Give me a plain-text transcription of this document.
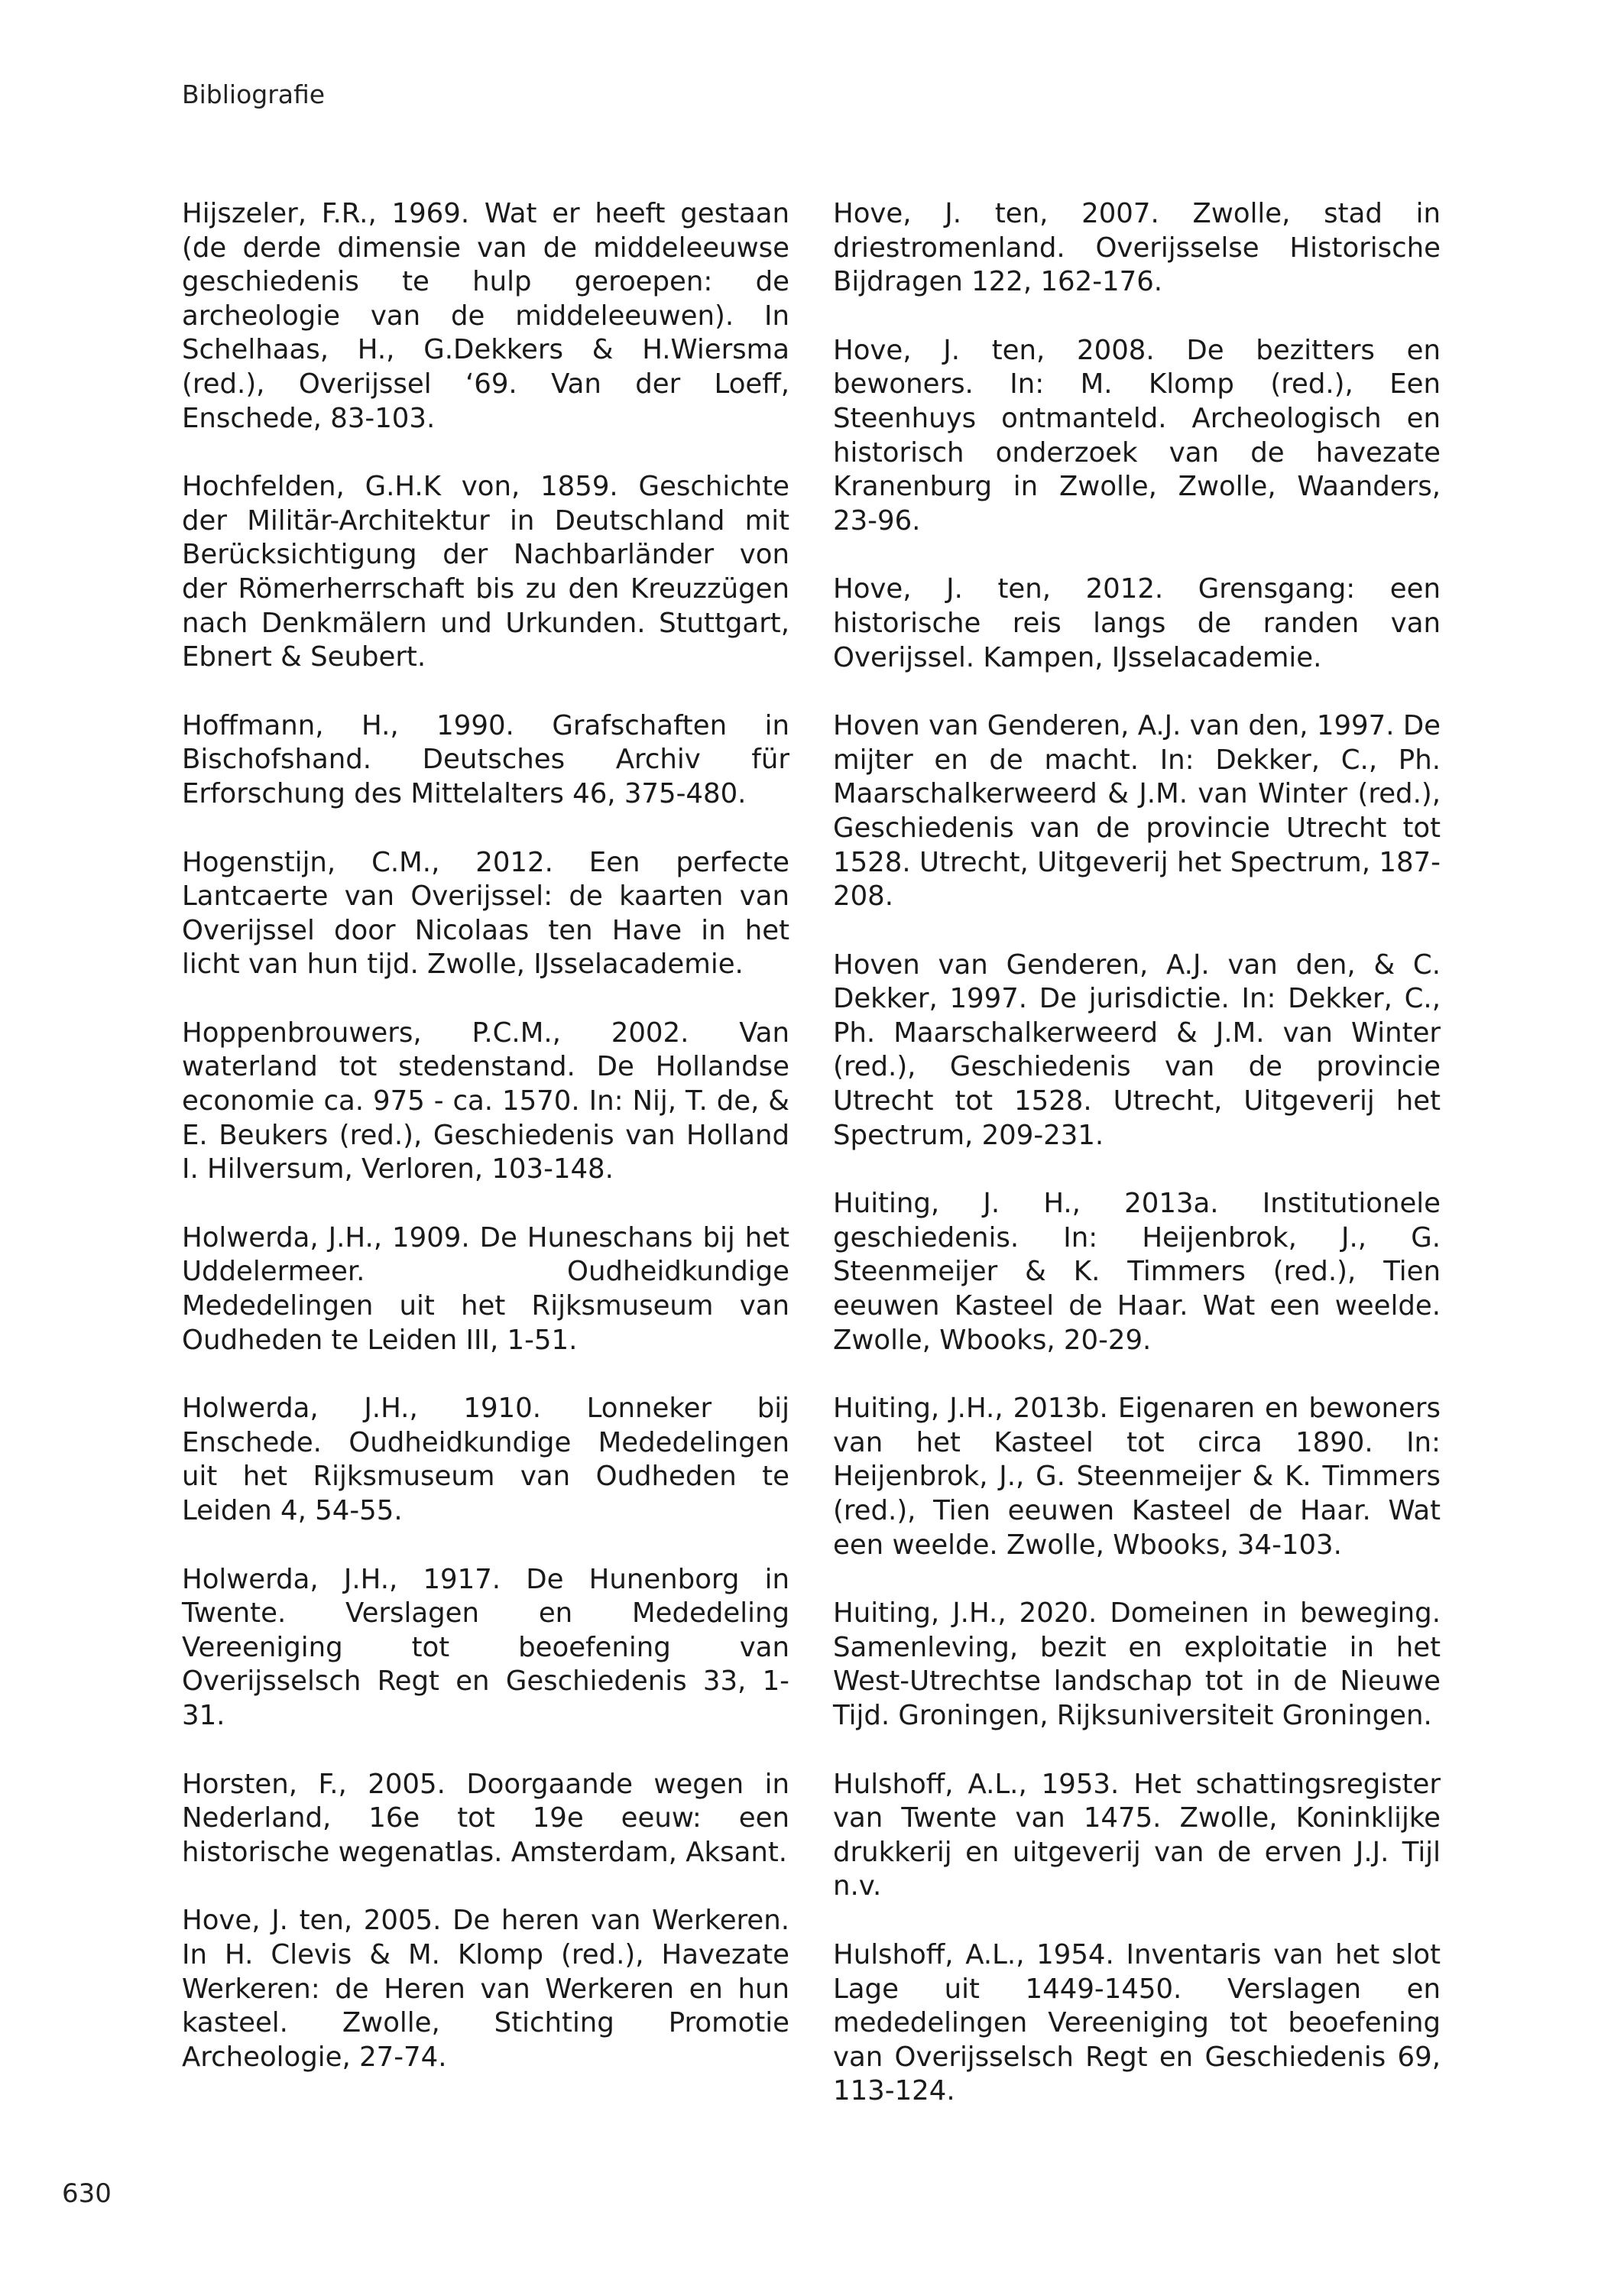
Bibliografie

Hijszeler, F.R., 1969. Wat er heeft gestaan (de derde dimensie van de middeleeuwse geschiedenis te hulp geroepen: de archeologie van de middeleeuwen). In Schelhaas, H., G.Dekkers & H.Wiersma (red.), Overijssel ‘69. Van der Loeff, Enschede, 83-103.

Hochfelden, G.H.K von, 1859. Geschichte der Militär-Architektur in Deutschland mit Berücksichtigung der Nachbarländer von der Römerherrschaft bis zu den Kreuzzügen nach Denkmälern und Urkunden. Stuttgart, Ebnert & Seubert.

Hoffmann, H., 1990. Grafschaften in Bischofshand. Deutsches Archiv für Erforschung des Mittelalters 46, 375-480.

Hogenstijn, C.M., 2012. Een perfecte Lantcaerte van Overijssel: de kaarten van Overijssel door Nicolaas ten Have in het licht van hun tijd. Zwolle, IJsselacademie.

Hoppenbrouwers, P.C.M., 2002. Van waterland tot stedenstand. De Hollandse economie ca. 975 - ca. 1570. In: Nij, T. de, & E. Beukers (red.), Geschiedenis van Holland I. Hilversum, Verloren, 103-148.

Holwerda, J.H., 1909. De Huneschans bij het Uddelermeer. Oudheidkundige Mededelingen uit het Rijksmuseum van Oudheden te Leiden III, 1-51.

Holwerda, J.H., 1910. Lonneker bij Enschede. Oudheidkundige Mededelingen uit het Rijksmuseum van Oudheden te Leiden 4, 54-55.

Holwerda, J.H., 1917. De Hunenborg in Twente. Verslagen en Mededeling Vereeniging tot beoefening van Overijsselsch Regt en Geschiedenis 33, 1-31.

Horsten, F., 2005. Doorgaande wegen in Nederland, 16e tot 19e eeuw: een historische wegenatlas. Amsterdam, Aksant.

Hove, J. ten, 2005. De heren van Werkeren. In H. Clevis & M. Klomp (red.), Havezate Werkeren: de Heren van Werkeren en hun kasteel. Zwolle, Stichting Promotie Archeologie, 27-74.

Hove, J. ten, 2007. Zwolle, stad in driestromenland. Overijsselse Historische Bijdragen 122, 162-176.

Hove, J. ten, 2008. De bezitters en bewoners. In: M. Klomp (red.), Een Steenhuys ontmanteld. Archeologisch en historisch onderzoek van de havezate Kranenburg in Zwolle, Zwolle, Waanders, 23-96.

Hove, J. ten, 2012. Grensgang: een historische reis langs de randen van Overijssel. Kampen, IJsselacademie.

Hoven van Genderen, A.J. van den, 1997. De mijter en de macht. In: Dekker, C., Ph. Maarschalkerweerd & J.M. van Winter (red.), Geschiedenis van de provincie Utrecht tot 1528. Utrecht, Uitgeverij het Spectrum, 187-208.

Hoven van Genderen, A.J. van den, & C. Dekker, 1997. De jurisdictie. In: Dekker, C., Ph. Maarschalkerweerd & J.M. van Winter (red.), Geschiedenis van de provincie Utrecht tot 1528. Utrecht, Uitgeverij het Spectrum, 209-231.

Huiting, J. H., 2013a. Institutionele geschiedenis. In: Heijenbrok, J., G. Steenmeijer & K. Timmers (red.), Tien eeuwen Kasteel de Haar. Wat een weelde. Zwolle, Wbooks, 20-29.

Huiting, J.H., 2013b. Eigenaren en bewoners van het Kasteel tot circa 1890. In: Heijenbrok, J., G. Steenmeijer & K. Timmers (red.), Tien eeuwen Kasteel de Haar. Wat een weelde. Zwolle, Wbooks, 34-103.

Huiting, J.H., 2020. Domeinen in beweging. Samenleving, bezit en exploitatie in het West-Utrechtse landschap tot in de Nieuwe Tijd. Groningen, Rijksuniversiteit Groningen.

Hulshoff, A.L., 1953. Het schattingsregister van Twente van 1475. Zwolle, Koninklijke drukkerij en uitgeverij van de erven J.J. Tijl n.v.

Hulshoff, A.L., 1954. Inventaris van het slot Lage uit 1449-1450. Verslagen en mededelingen Vereeniging tot beoefening van Overijsselsch Regt en Geschiedenis 69, 113-124.

630
